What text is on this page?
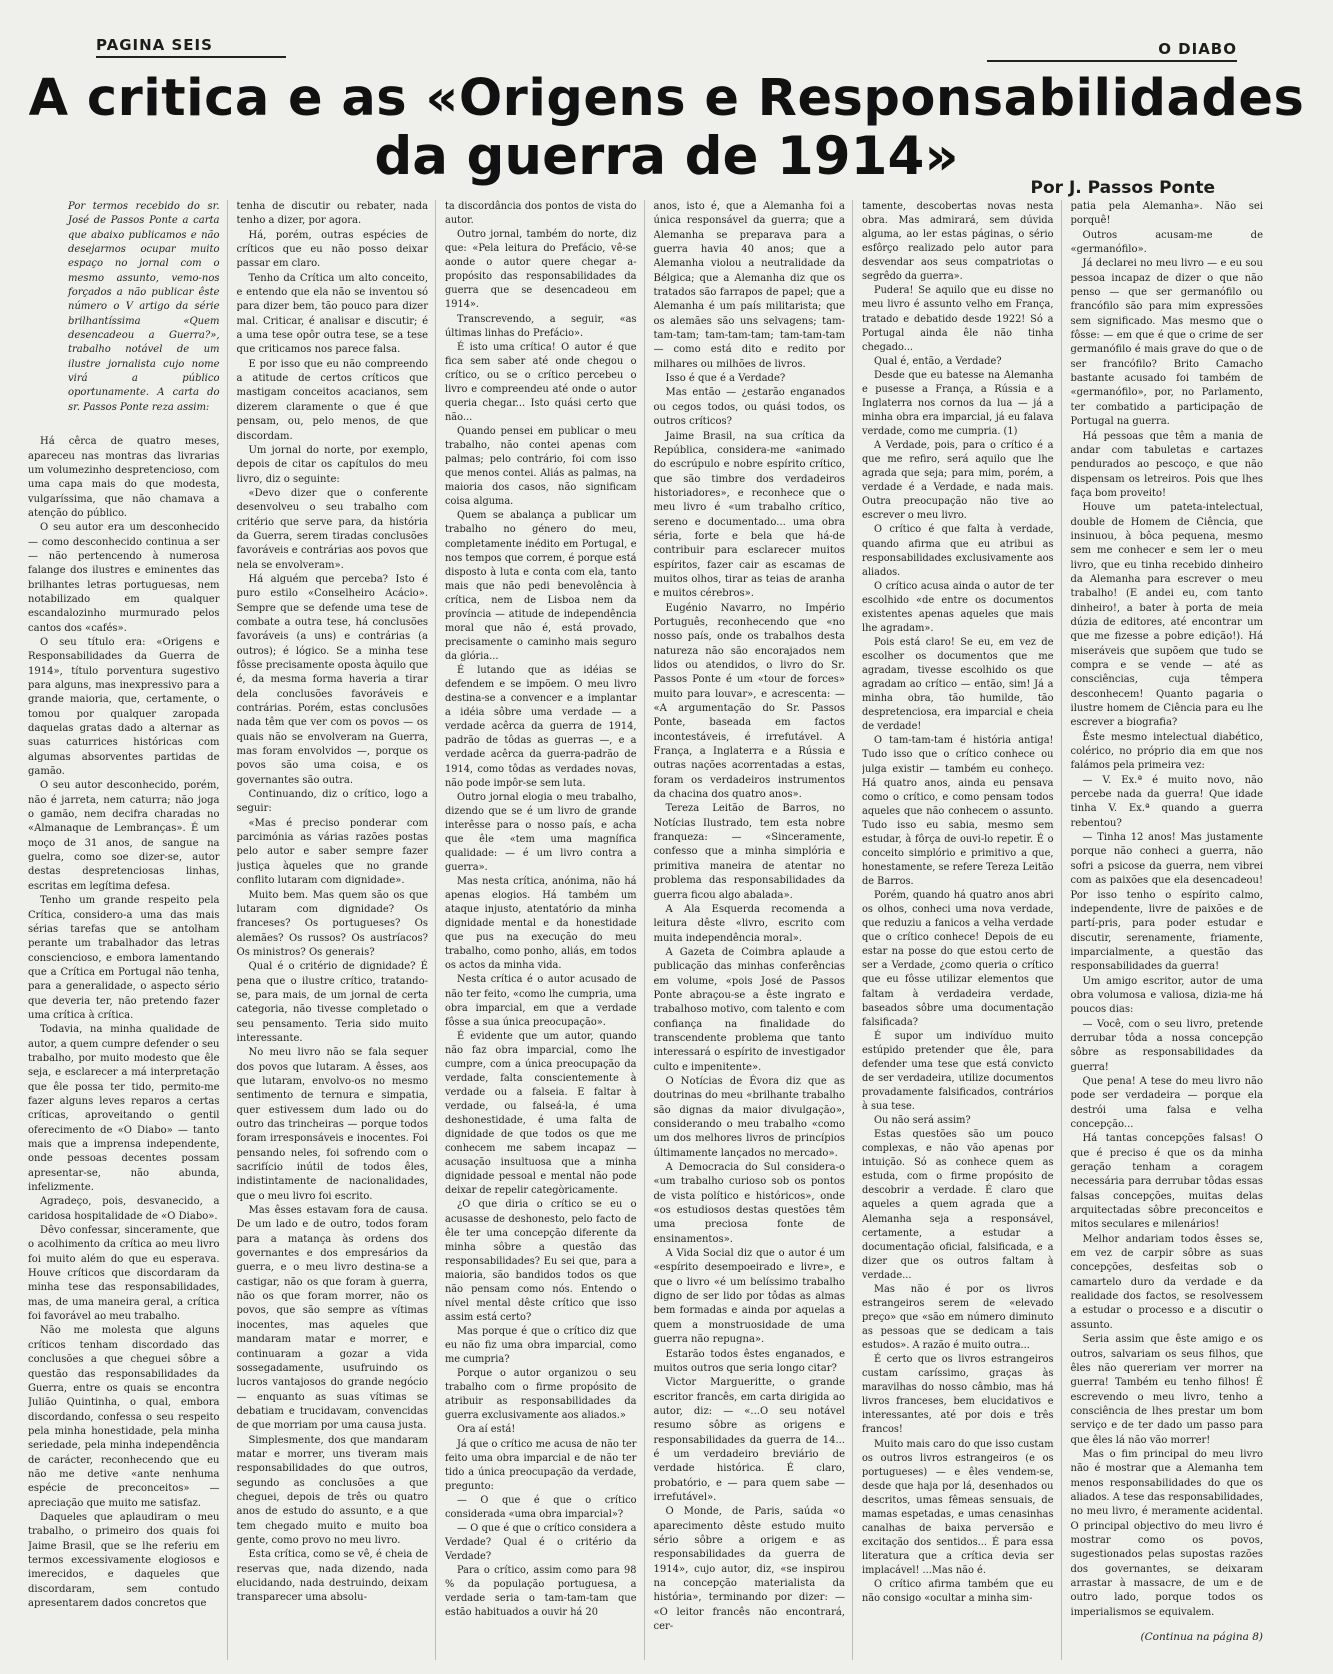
PAGINA SEIS	O DIABO
A critica e as «Origens e Responsabilidades
da guerra de 1914»
Por J. Passos Ponte

Por termos recebido do sr. José de Passos Ponte a carta que abaixo publicamos e não desejarmos ocupar muito espaço no jornal com o mesmo assunto, vemo-nos forçados a não publicar êste número o V artigo da série brilhantíssima «Quem desencadeou a Guerra?», trabalho notável de um ilustre jornalista cujo nome virá a público oportunamente. A carta do sr. Passos Ponte reza assim:

Há cêrca de quatro meses, apareceu nas montras das livrarias um volumezinho despretencioso, com uma capa mais do que modesta, vulgaríssima, que não chamava a atenção do público.

O seu autor era um desconhecido — como desconhecido continua a ser — não pertencendo à numerosa falange dos ilustres e eminentes das brilhantes letras portuguesas, nem notabilizado em qualquer escandalozinho murmurado pelos cantos dos «cafés».

O seu título era: «Origens e Responsabilidades da Guerra de 1914», título porventura sugestivo para alguns, mas inexpressivo para a grande maioria, que, certamente, o tomou por qualquer zaropada daquelas gratas dado a alternar as suas caturrices históricas com algumas absorventes partidas de gamão.

O seu autor desconhecido, porém, não é jarreta, nem caturra; não joga o gamão, nem decifra charadas no «Almanaque de Lembranças». É um moço de 31 anos, de sangue na guelra, como soe dizer-se, autor destas despretenciosas linhas, escritas em legítima defesa.

Tenho um grande respeito pela Crítica, considero-a uma das mais sérias tarefas que se antolham perante um trabalhador das letras consciencioso, e embora lamentando que a Crítica em Portugal não tenha, para a generalidade, o aspecto sério que deveria ter, não pretendo fazer uma crítica à crítica.

Todavia, na minha qualidade de autor, a quem cumpre defender o seu trabalho, por muito modesto que êle seja, e esclarecer a má interpretação que êle possa ter tido, permito-me fazer alguns leves reparos a certas críticas, aproveitando o gentil oferecimento de «O Diabo» — tanto mais que a imprensa independente, onde pessoas decentes possam apresentar-se, não abunda, infelizmente.

Agradeço, pois, desvanecido, a caridosa hospitalidade de «O Diabo».

Dêvo confessar, sinceramente, que o acolhimento da crítica ao meu livro foi muito além do que eu esperava. Houve críticos que discordaram da minha tese das responsabilidades, mas, de uma maneira geral, a crítica foi favorável ao meu trabalho.

Não me molesta que alguns críticos tenham discordado das conclusões a que cheguei sôbre a questão das responsabilidades da Guerra, entre os quais se encontra Julião Quintinha, o qual, embora discordando, confessa o seu respeito pela minha honestidade, pela minha seriedade, pela minha independência de carácter, reconhecendo que eu não me detive «ante nenhuma espécie de preconceitos» — apreciação que muito me satisfaz.

Daqueles que aplaudiram o meu trabalho, o primeiro dos quais foi Jaime Brasil, que se lhe referiu em termos excessivamente elogiosos e imerecidos, e daqueles que discordaram, sem contudo apresentarem dados concretos que

tenha de discutir ou rebater, nada tenho a dizer, por agora.

Há, porém, outras espécies de críticos que eu não posso deixar passar em claro.

Tenho da Crítica um alto conceito, e entendo que ela não se inventou só para dizer bem, tão pouco para dizer mal. Criticar, é analisar e discutir; é a uma tese opôr outra tese, se a tese que criticamos nos parece falsa.

E por isso que eu não compreendo a atitude de certos críticos que mastigam conceitos acacianos, sem dizerem claramente o que é que pensam, ou, pelo menos, de que discordam.

Um jornal do norte, por exemplo, depois de citar os capítulos do meu livro, diz o seguinte:

«Devo dizer que o conferente desenvolveu o seu trabalho com critério que serve para, da história da Guerra, serem tiradas conclusões favoráveis e contrárias aos povos que nela se envolveram».

Há alguém que perceba? Isto é puro estilo «Conselheiro Acácio». Sempre que se defende uma tese de combate a outra tese, há conclusões favoráveis (a uns) e contrárias (a outros); é lógico. Se a minha tese fôsse precisamente oposta àquilo que é, da mesma forma haveria a tirar dela conclusões favoráveis e contrárias. Porém, estas conclusões nada têm que ver com os povos — os quais não se envolveram na Guerra, mas foram envolvidos —, porque os povos são uma coisa, e os governantes são outra.

Continuando, diz o crítico, logo a seguir:

«Mas é preciso ponderar com parcimónia as várias razões postas pelo autor e saber sempre fazer justiça àqueles que no grande conflito lutaram com dignidade».

Muito bem. Mas quem são os que lutaram com dignidade? Os franceses? Os portugueses? Os alemães? Os russos? Os austríacos? Os ministros? Os generais?

Qual é o critério de dignidade? É pena que o ilustre crítico, tratando-se, para mais, de um jornal de certa categoria, não tivesse completado o seu pensamento. Teria sido muito interessante.

No meu livro não se fala sequer dos povos que lutaram. A êsses, aos que lutaram, envolvo-os no mesmo sentimento de ternura e simpatia, quer estivessem dum lado ou do outro das trincheiras — porque todos foram irresponsáveis e inocentes. Foi pensando neles, foi sofrendo com o sacrifício inútil de todos êles, indistintamente de nacionalidades, que o meu livro foi escrito.

Mas êsses estavam fora de causa. De um lado e de outro, todos foram para a matança às ordens dos governantes e dos empresários da guerra, e o meu livro destina-se a castigar, não os que foram à guerra, não os que foram morrer, não os povos, que são sempre as vítimas inocentes, mas aqueles que mandaram matar e morrer, e continuaram a gozar a vida sossegadamente, usufruindo os lucros vantajosos do grande negócio — enquanto as suas vítimas se debatiam e trucidavam, convencidas de que morriam por uma causa justa.

Simplesmente, dos que mandaram matar e morrer, uns tiveram mais responsabilidades do que outros, segundo as conclusões a que cheguei, depois de três ou quatro anos de estudo do assunto, e a que tem chegado muito e muito boa gente, como provo no meu livro.

Esta crítica, como se vê, é cheia de reservas que, nada dizendo, nada elucidando, nada destruindo, deixam transparecer uma absolu-

ta discordância dos pontos de vista do autor.

Outro jornal, também do norte, diz que: «Pela leitura do Prefácio, vê-se aonde o autor quere chegar a-propósito das responsabilidades da guerra que se desencadeou em 1914».

Transcrevendo, a seguir, «as últimas linhas do Prefácio».

É isto uma crítica! O autor é que fica sem saber até onde chegou o crítico, ou se o crítico percebeu o livro e compreendeu até onde o autor queria chegar... Isto quási certo que não...

Quando pensei em publicar o meu trabalho, não contei apenas com palmas; pelo contrário, foi com isso que menos contei. Aliás as palmas, na maioria dos casos, não significam coisa alguma.

Quem se abalança a publicar um trabalho no género do meu, completamente inédito em Portugal, e nos tempos que correm, é porque está disposto à luta e conta com ela, tanto mais que não pedi benevolência à crítica, nem de Lisboa nem da província — atitude de independência moral que não é, está provado, precisamente o caminho mais seguro da glória...

É lutando que as idéias se defendem e se impõem. O meu livro destina-se a convencer e a implantar a idéia sôbre uma verdade — a verdade acêrca da guerra de 1914, padrão de tôdas as guerras —, e a verdade acêrca da guerra-padrão de 1914, como tôdas as verdades novas, não pode impôr-se sem luta.

Outro jornal elogia o meu trabalho, dizendo que se é um livro de grande interêsse para o nosso país, e acha que êle «tem uma magnífica qualidade: — é um livro contra a guerra».

Mas nesta crítica, anónima, não há apenas elogios. Há também um ataque injusto, atentatório da minha dignidade mental e da honestidade que pus na execução do meu trabalho, como ponho, aliás, em todos os actos da minha vida.

Nesta crítica é o autor acusado de não ter feito, «como lhe cumpria, uma obra imparcial, em que a verdade fôsse a sua única preocupação».

É evidente que um autor, quando não faz obra imparcial, como lhe cumpre, com a única preocupação da verdade, falta conscientemente à verdade ou a falseia. E faltar à verdade, ou falseá-la, é uma deshonestidade, é uma falta de dignidade de que todos os que me conhecem me sabem incapaz — acusação insultuosa que a minha dignidade pessoal e mental não pode deixar de repelir categòricamente.

¿O que diria o crítico se eu o acusasse de deshonesto, pelo facto de êle ter uma concepção diferente da minha sôbre a questão das responsabilidades? Eu sei que, para a maioria, são bandidos todos os que não pensam como nós. Entendo o nível mental dêste crítico que isso assim está certo?

Mas porque é que o crítico diz que eu não fiz uma obra imparcial, como me cumpria?

Porque o autor organizou o seu trabalho com o firme propósito de atribuir as responsabilidades da guerra exclusivamente aos aliados.»

Ora aí está!

Já que o crítico me acusa de não ter feito uma obra imparcial e de não ter tido a única preocupação da verdade, pregunto:

— O que é que o crítico considerada «uma obra imparcial»?

— O que é que o crítico considera a Verdade? Qual é o critério da Verdade?

Para o crítico, assim como para 98 % da população portuguesa, a verdade seria o tam-tam-tam que estão habituados a ouvir há 20

anos, isto é, que a Alemanha foi a única responsável da guerra; que a Alemanha se preparava para a guerra havia 40 anos; que a Alemanha violou a neutralidade da Bélgica; que a Alemanha diz que os tratados são farrapos de papel; que a Alemanha é um país militarista; que os alemães são uns selvagens; tam-tam-tam; tam-tam-tam; tam-tam-tam — como está dito e redito por milhares ou milhões de livros.

Isso é que é a Verdade?

Mas então — ¿estarão enganados ou cegos todos, ou quási todos, os outros críticos?

Jaime Brasil, na sua crítica da República, considera-me «animado do escrúpulo e nobre espírito crítico, que são timbre dos verdadeiros historiadores», e reconhece que o meu livro é «um trabalho crítico, sereno e documentado... uma obra séria, forte e bela que há-de contribuir para esclarecer muitos espíritos, fazer cair as escamas de muitos olhos, tirar as teias de aranha e muitos cérebros».

Eugénio Navarro, no Império Português, reconhecendo que «no nosso país, onde os trabalhos desta natureza não são encorajados nem lidos ou atendidos, o livro do Sr. Passos Ponte é um «tour de forces» muito para louvar», e acrescenta: — «A argumentação do Sr. Passos Ponte, baseada em factos incontestáveis, é irrefutável. A França, a Inglaterra e a Rússia e outras nações acorrentadas a estas, foram os verdadeiros instrumentos da chacina dos quatro anos».

Tereza Leitão de Barros, no Notícias Ilustrado, tem esta nobre franqueza: — «Sinceramente, confesso que a minha simplória e primitiva maneira de atentar no problema das responsabilidades da guerra ficou algo abalada».

A Ala Esquerda recomenda a leitura dêste «livro, escrito com muita independência moral».

A Gazeta de Coimbra aplaude a publicação das minhas conferências em volume, «pois José de Passos Ponte abraçou-se a êste ingrato e trabalhoso motivo, com talento e com confiança na finalidade do transcendente problema que tanto interessará o espírito de investigador culto e impenitente».

O Notícias de Évora diz que as doutrinas do meu «brilhante trabalho são dignas da maior divulgação», considerando o meu trabalho «como um dos melhores livros de princípios últimamente lançados no mercado».

A Democracia do Sul considera-o «um trabalho curioso sob os pontos de vista político e históricos», onde «os estudiosos destas questões têm uma preciosa fonte de ensinamentos».

A Vida Social diz que o autor é um «espírito desempoeirado e livre», e que o livro «é um belíssimo trabalho digno de ser lido por tôdas as almas bem formadas e ainda por aquelas a quem a monstruosidade de uma guerra não repugna».

Estarão todos êstes enganados, e muitos outros que seria longo citar?

Victor Margueritte, o grande escritor francês, em carta dirigida ao autor, diz: — «...O seu notável resumo sôbre as origens e responsabilidades da guerra de 14... é um verdadeiro breviário de verdade histórica. É claro, probatório, e — para quem sabe — irrefutável».

O Monde, de Paris, saúda «o aparecimento dêste estudo muito sério sôbre a origem e as responsabilidades da guerra de 1914», cujo autor, diz, «se inspirou na concepção materialista da história», terminando por dizer: — «O leitor francês não encontrará, cer-

tamente, descobertas novas nesta obra. Mas admirará, sem dúvida alguma, ao ler estas páginas, o sério esfôrço realizado pelo autor para desvendar aos seus compatriotas o segrêdo da guerra».

Pudera! Se aquilo que eu disse no meu livro é assunto velho em França, tratado e debatido desde 1922! Só a Portugal ainda êle não tinha chegado...

Qual é, então, a Verdade?

Desde que eu batesse na Alemanha e pusesse a França, a Rússia e a Inglaterra nos cornos da lua — já a minha obra era imparcial, já eu falava verdade, como me cumpria. (1)

A Verdade, pois, para o crítico é a que me refiro, será aquilo que lhe agrada que seja; para mim, porém, a verdade é a Verdade, e nada mais. Outra preocupação não tive ao escrever o meu livro.

O crítico é que falta à verdade, quando afirma que eu atribui as responsabilidades exclusivamente aos aliados.

O crítico acusa ainda o autor de ter escolhido «de entre os documentos existentes apenas aqueles que mais lhe agradam».

Pois está claro! Se eu, em vez de escolher os documentos que me agradam, tivesse escolhido os que agradam ao crítico — então, sim! Já a minha obra, tão humilde, tão despretenciosa, era imparcial e cheia de verdade!

O tam-tam-tam é história antiga! Tudo isso que o crítico conhece ou julga existir — também eu conheço. Há quatro anos, ainda eu pensava como o crítico, e como pensam todos aqueles que não conhecem o assunto. Tudo isso eu sabia, mesmo sem estudar, à fôrça de ouvi-lo repetir. É o conceito simplório e primitivo a que, honestamente, se refere Tereza Leitão de Barros.

Porém, quando há quatro anos abri os olhos, conheci uma nova verdade, que reduziu a fanicos a velha verdade que o crítico conhece! Depois de eu estar na posse do que estou certo de ser a Verdade, ¿como queria o crítico que eu fôsse utilizar elementos que faltam à verdadeira verdade, baseados sôbre uma documentação falsificada?

É supor um indivíduo muito estúpido pretender que êle, para defender uma tese que está convicto de ser verdadeira, utilize documentos provadamente falsificados, contrários à sua tese.

Ou não será assim?

Estas questões são um pouco complexas, e não vão apenas por intuição. Só as conhece quem as estuda, com o firme propósito de descobrir a verdade. É claro que aqueles a quem agrada que a Alemanha seja a responsável, certamente, a estudar a documentação oficial, falsificada, e a dizer que os outros faltam à verdade...

Mas não é por os livros estrangeiros serem de «elevado preço» que «são em número diminuto as pessoas que se dedicam a tais estudos». A razão é muito outra...

É certo que os livros estrangeiros custam caríssimo, graças às maravilhas do nosso câmbio, mas há livros franceses, bem elucidativos e interessantes, até por dois e três francos!

Muito mais caro do que isso custam os outros livros estrangeiros (e os portugueses) — e êles vendem-se, desde que haja por lá, desenhados ou descritos, umas fêmeas sensuais, de mamas espetadas, e umas cenasinhas canalhas de baixa perversão e excitação dos sentidos... É para essa literatura que a crítica devia ser implacável! ...Mas não é.

O crítico afirma também que eu não consigo «ocultar a minha sim-

patia pela Alemanha». Não sei porquê!

Outros acusam-me de «germanófilo».

Já declarei no meu livro — e eu sou pessoa incapaz de dizer o que não penso — que ser germanófilo ou francófilo são para mim expressões sem significado. Mas mesmo que o fôsse: — em que é que o crime de ser germanófilo é mais grave do que o de ser francófilo? Brito Camacho bastante acusado foi também de «germanófilo», por, no Parlamento, ter combatido a participação de Portugal na guerra.

Há pessoas que têm a mania de andar com tabuletas e cartazes pendurados ao pescoço, e que não dispensam os letreiros. Pois que lhes faça bom proveito!

Houve um pateta-intelectual, double de Homem de Ciência, que insinuou, à bôca pequena, mesmo sem me conhecer e sem ler o meu livro, que eu tinha recebido dinheiro da Alemanha para escrever o meu trabalho! (E andei eu, com tanto dinheiro!, a bater à porta de meia dúzia de editores, até encontrar um que me fizesse a pobre edição!). Há miseráveis que supõem que tudo se compra e se vende — até as consciências, cuja têmpera desconhecem! Quanto pagaria o ilustre homem de Ciência para eu lhe escrever a biografia?

Êste mesmo intelectual diabético, colérico, no próprio dia em que nos falámos pela primeira vez:

— V. Ex.ª é muito novo, não percebe nada da guerra! Que idade tinha V. Ex.ª quando a guerra rebentou?

— Tinha 12 anos! Mas justamente porque não conheci a guerra, não sofri a psicose da guerra, nem vibrei com as paixões que ela desencadeou! Por isso tenho o espírito calmo, independente, livre de paixões e de partí-pris, para poder estudar e discutir, serenamente, friamente, imparcialmente, a questão das responsabilidades da guerra!

Um amigo escritor, autor de uma obra volumosa e valiosa, dizia-me há poucos dias:

— Você, com o seu livro, pretende derrubar tôda a nossa concepção sôbre as responsabilidades da guerra!

Que pena! A tese do meu livro não pode ser verdadeira — porque ela destrói uma falsa e velha concepção...

Há tantas concepções falsas! O que é preciso é que os da minha geração tenham a coragem necessária para derrubar tôdas essas falsas concepções, muitas delas arquitectadas sôbre preconceitos e mitos seculares e milenários!

Melhor andariam todos êsses se, em vez de carpir sôbre as suas concepções, desfeitas sob o camartelo duro da verdade e da realidade dos factos, se resolvessem a estudar o processo e a discutir o assunto.

Seria assim que êste amigo e os outros, salvariam os seus filhos, que êles não quereriam ver morrer na guerra! Também eu tenho filhos! É escrevendo o meu livro, tenho a consciência de lhes prestar um bom serviço e de ter dado um passo para que êles lá não vão morrer!

Mas o fim principal do meu livro não é mostrar que a Alemanha tem menos responsabilidades do que os aliados. A tese das responsabilidades, no meu livro, é meramente acidental. O principal objectivo do meu livro é mostrar como os povos, sugestionados pelas supostas razões dos governantes, se deixaram arrastar à massacre, de um e de outro lado, porque todos os imperialismos se equivalem.

(Continua na página 8)
